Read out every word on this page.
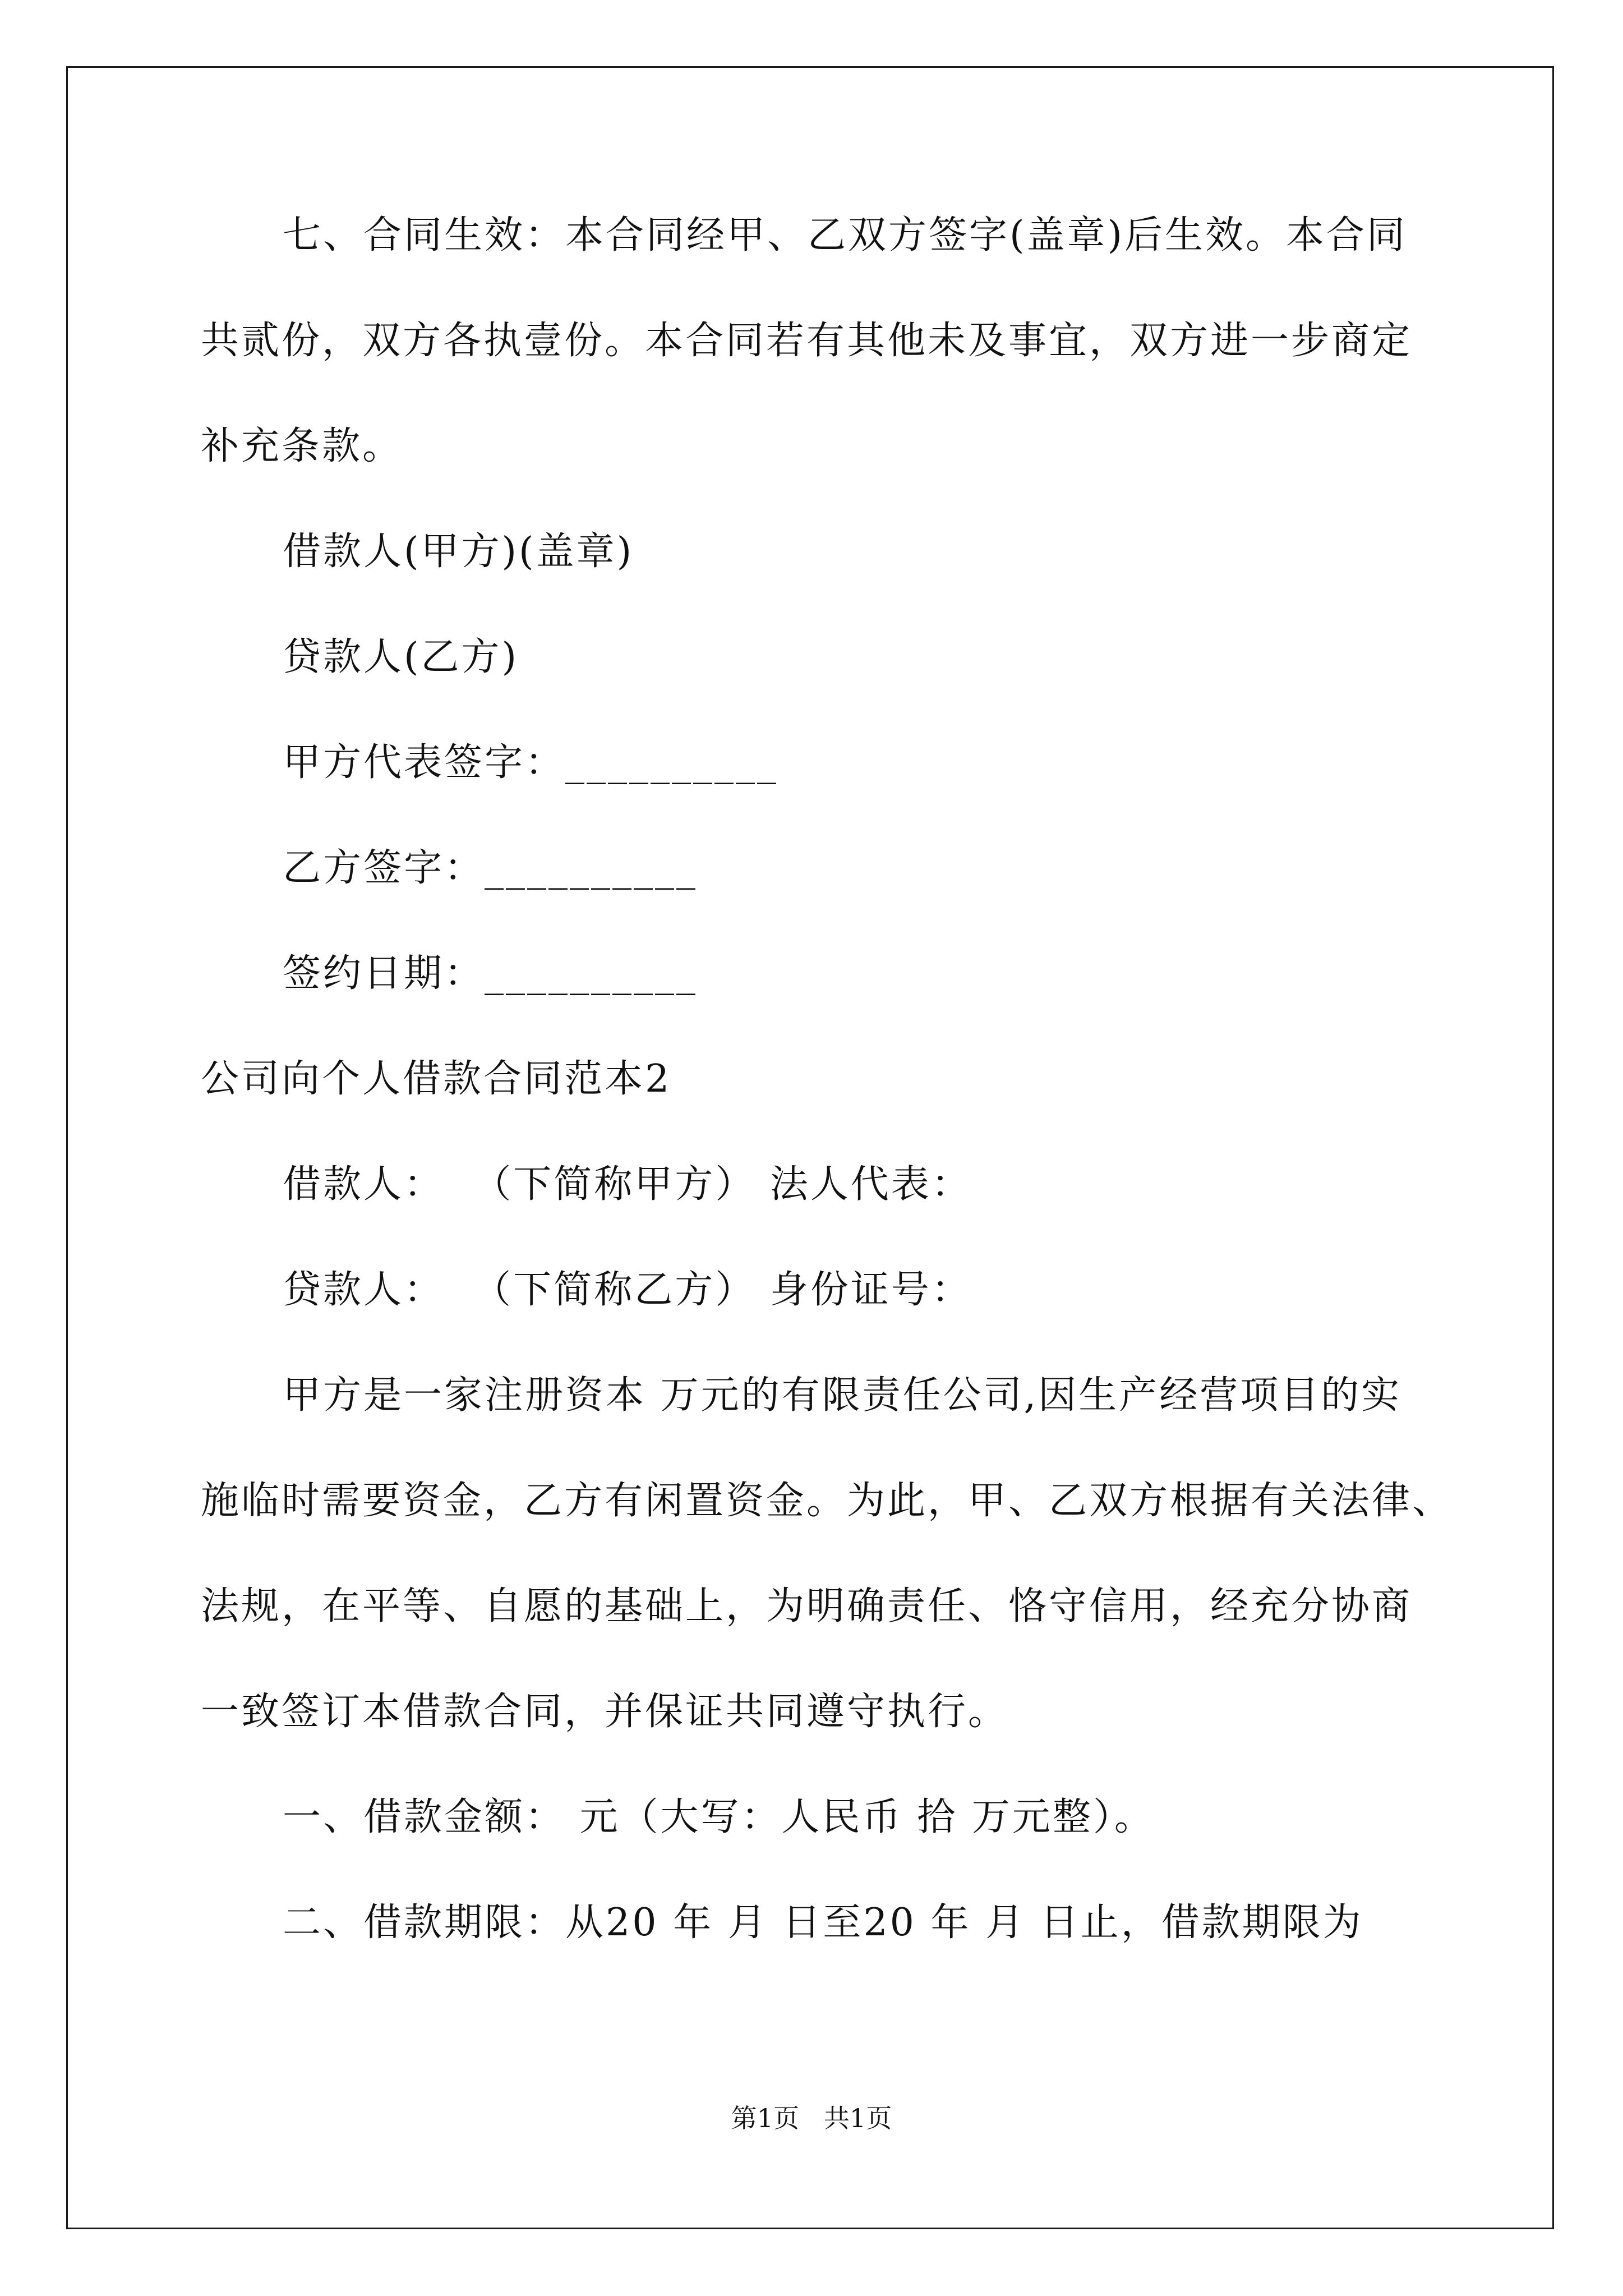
七、合同生效：本合同经甲、乙双方签字(盖章)后生效。本合同
共贰份，双方各执壹份。本合同若有其他未及事宜，双方进一步商定
补充条款。
借款人(甲方)(盖章)
贷款人(乙方)
甲方代表签字：__________
乙方签字：__________
签约日期：__________
公司向个人借款合同范本2
借款人：  （下简称甲方） 法人代表：
贷款人：  （下简称乙方） 身份证号：
甲方是一家注册资本 万元的有限责任公司,因生产经营项目的实
施临时需要资金，乙方有闲置资金。为此，甲、乙双方根据有关法律、
法规，在平等、自愿的基础上，为明确责任、恪守信用，经充分协商
一致签订本借款合同，并保证共同遵守执行。
一、借款金额： 元（大写：人民币 拾 万元整）。
二、借款期限：从20 年 月 日至20 年 月 日止，借款期限为
第1页   共1页
